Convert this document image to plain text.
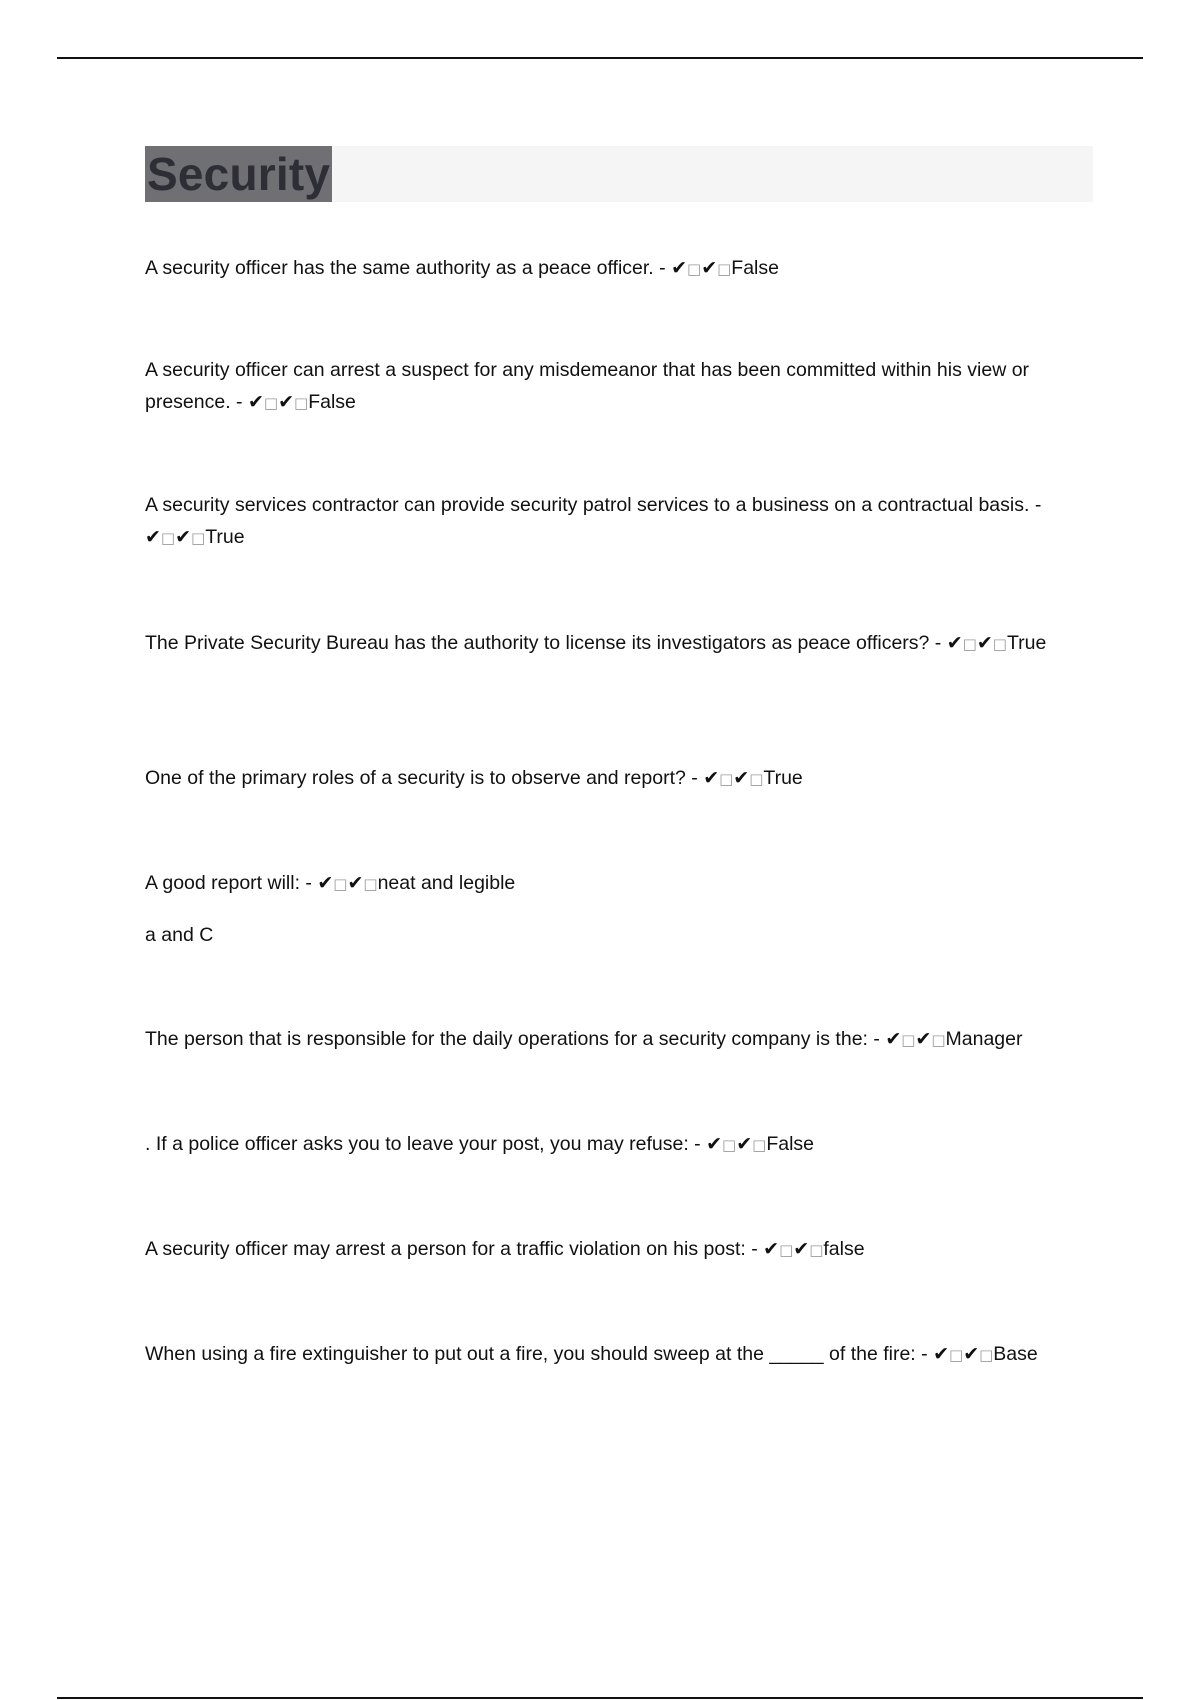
Security
A security officer has the same authority as a peace officer. - ✔□✔□False
A security officer can arrest a suspect for any misdemeanor that has been committed within his view or presence. - ✔□✔□False
A security services contractor can provide security patrol services to a business on a contractual basis. - ✔□✔□True
The Private Security Bureau has the authority to license its investigators as peace officers? - ✔□✔□True
One of the primary roles of a security is to observe and report? - ✔□✔□True
A good report will: - ✔□✔□neat and legible
a and C
The person that is responsible for the daily operations for a security company is the: - ✔□✔□Manager
. If a police officer asks you to leave your post, you may refuse: - ✔□✔□False
A security officer may arrest a person for a traffic violation on his post: - ✔□✔□false
When using a fire extinguisher to put out a fire, you should sweep at the _____ of the fire: - ✔□✔□Base
